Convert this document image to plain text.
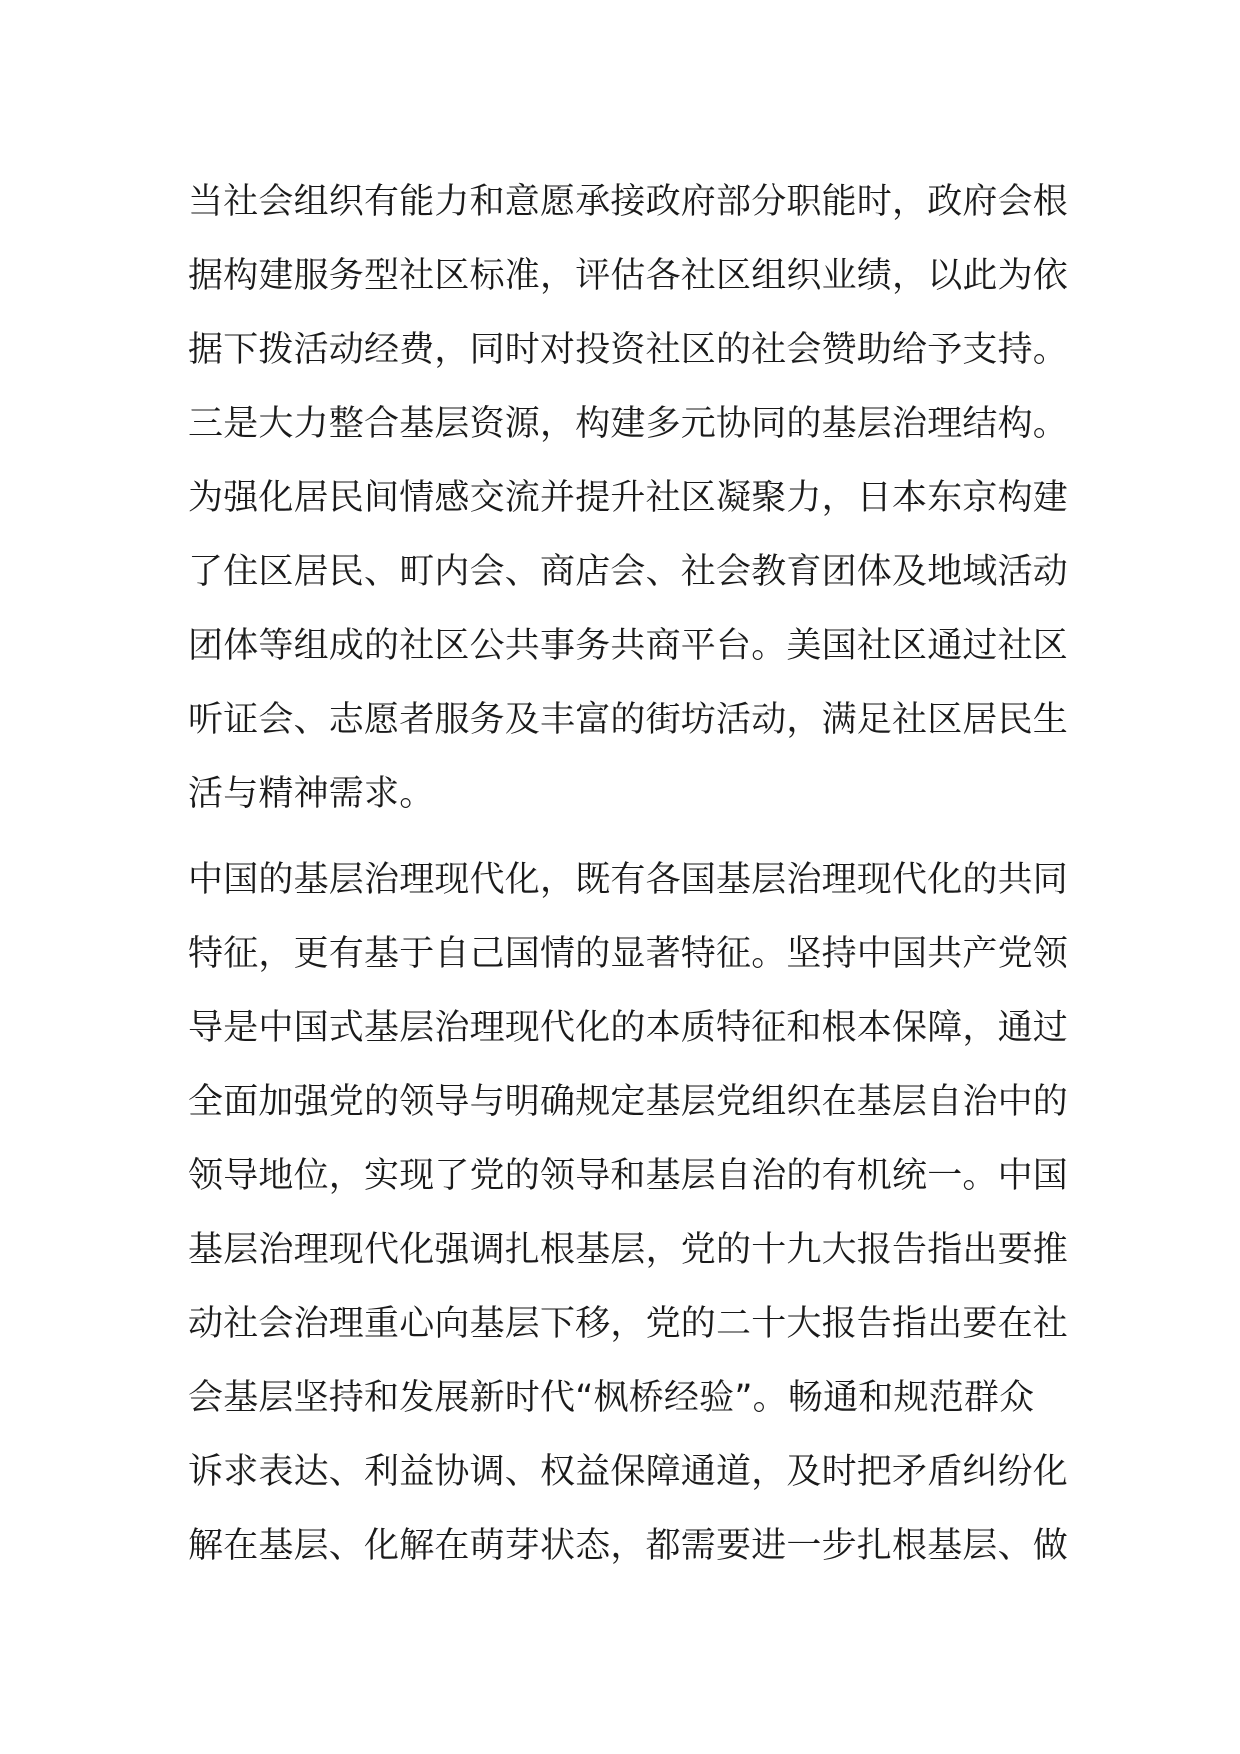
当社会组织有能力和意愿承接政府部分职能时，政府会根
据构建服务型社区标准，评估各社区组织业绩，以此为依
据下拨活动经费，同时对投资社区的社会赞助给予支持。
三是大力整合基层资源，构建多元协同的基层治理结构。
为强化居民间情感交流并提升社区凝聚力，日本东京构建
了住区居民、町内会、商店会、社会教育团体及地域活动
团体等组成的社区公共事务共商平台。美国社区通过社区
听证会、志愿者服务及丰富的街坊活动，满足社区居民生
活与精神需求。
中国的基层治理现代化，既有各国基层治理现代化的共同
特征，更有基于自己国情的显著特征。坚持中国共产党领
导是中国式基层治理现代化的本质特征和根本保障，通过
全面加强党的领导与明确规定基层党组织在基层自治中的
领导地位，实现了党的领导和基层自治的有机统一。中国
基层治理现代化强调扎根基层，党的十九大报告指出要推
动社会治理重心向基层下移，党的二十大报告指出要在社
会基层坚持和发展新时代“枫桥经验”。畅通和规范群众
诉求表达、利益协调、权益保障通道，及时把矛盾纠纷化
解在基层、化解在萌芽状态，都需要进一步扎根基层、做
